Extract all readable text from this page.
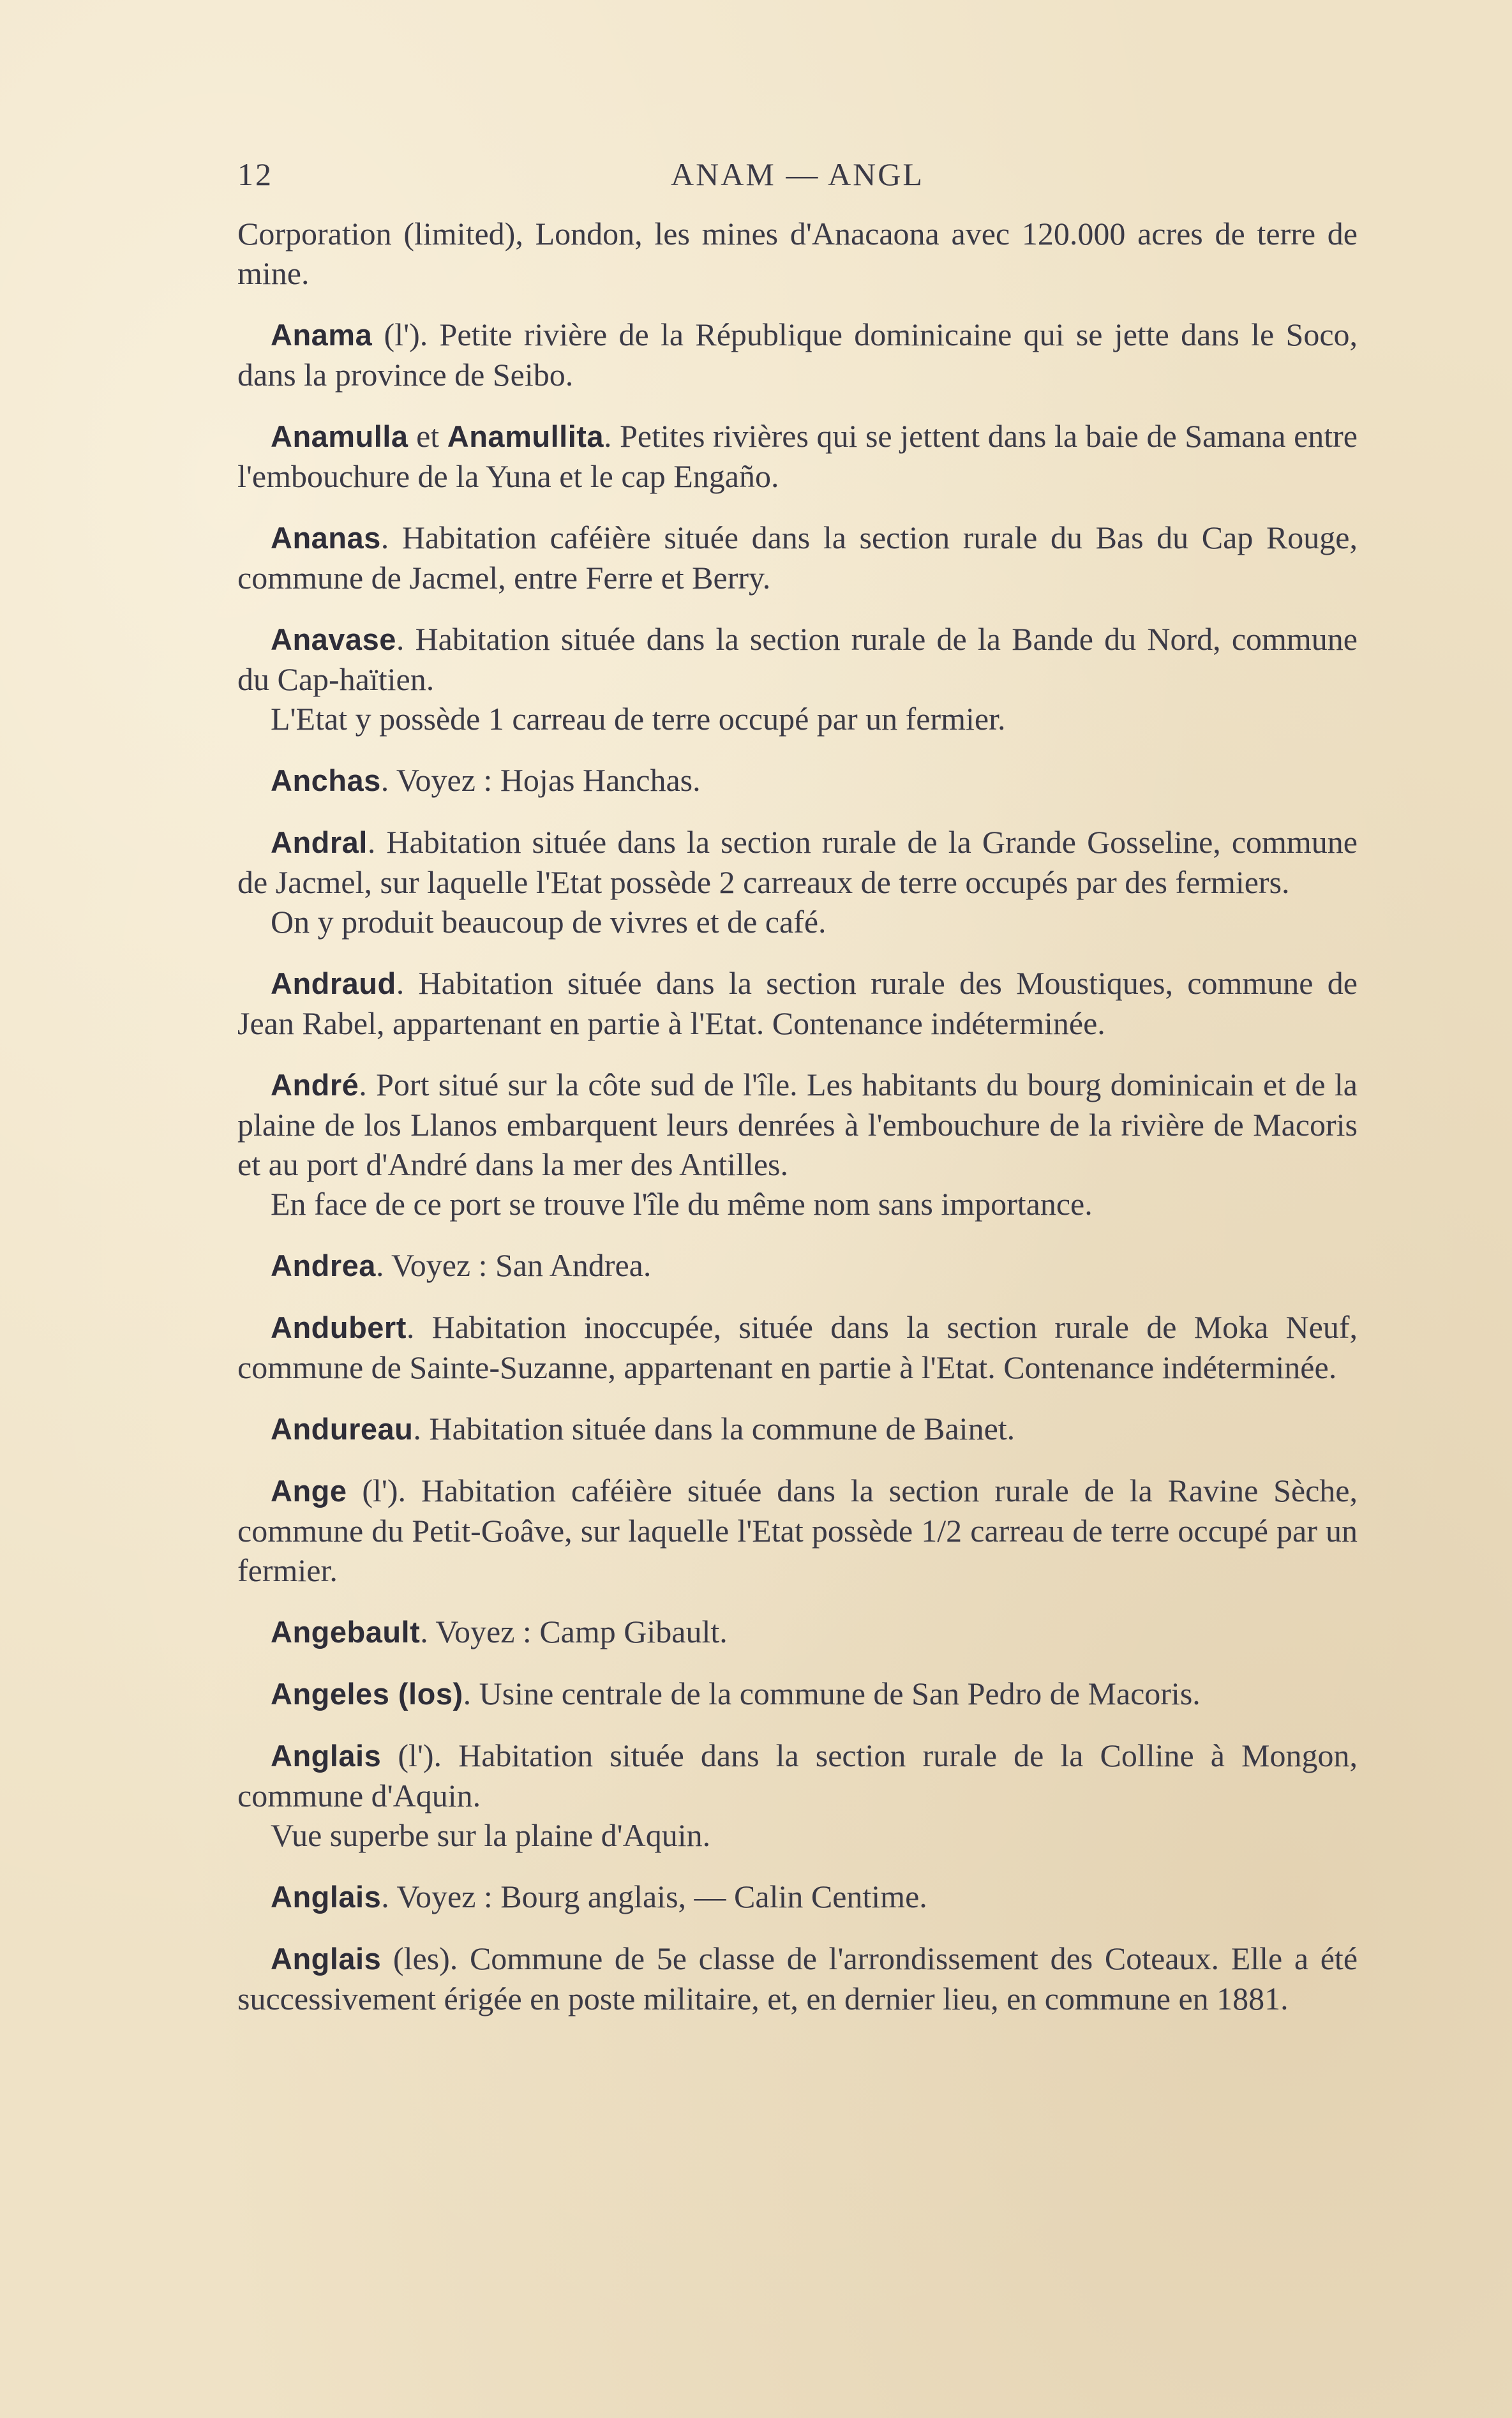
12	ANAM — ANGL
Corporation (limited), London, les mines d'Anacaona avec 120.000 acres de terre de mine.
Anama (l'). Petite rivière de la République dominicaine qui se jette dans le Soco, dans la province de Seibo.
Anamulla et Anamullita. Petites rivières qui se jettent dans la baie de Samana entre l'embouchure de la Yuna et le cap Engaño.
Ananas. Habitation caféière située dans la section rurale du Bas du Cap Rouge, commune de Jacmel, entre Ferre et Berry.

Anavase. Habitation située dans la section rurale de la Bande du Nord, commune du Cap-haïtien.

L'Etat y possède 1 carreau de terre occupé par un fermier.

Anchas. Voyez : Hojas Hanchas.

Andral. Habitation située dans la section rurale de la Grande Gosseline, commune de Jacmel, sur laquelle l'Etat possède 2 carreaux de terre occupés par des fermiers.

On y produit beaucoup de vivres et de café.

Andraud. Habitation située dans la section rurale des Moustiques, commune de Jean Rabel, appartenant en partie à l'Etat. Contenance indéterminée.

André. Port situé sur la côte sud de l'île. Les habitants du bourg dominicain et de la plaine de los Llanos embarquent leurs denrées à l'embouchure de la rivière de Macoris et au port d'André dans la mer des Antilles.

En face de ce port se trouve l'île du même nom sans importance.

Andrea. Voyez : San Andrea.
Andubert. Habitation inoccupée, située dans la section rurale de Moka Neuf, commune de Sainte-Suzanne, appartenant en partie à l'Etat. Contenance indéterminée.
Andureau. Habitation située dans la commune de Bainet.
Ange (l'). Habitation caféière située dans la section rurale de la Ravine Sèche, commune du Petit-Goâve, sur laquelle l'Etat possède 1/2 carreau de terre occupé par un fermier.
Angebault. Voyez : Camp Gibault.
Angeles (los). Usine centrale de la commune de San Pedro de Macoris.

Anglais (l'). Habitation située dans la section rurale de la Colline à Mongon, commune d'Aquin.

Vue superbe sur la plaine d'Aquin.

Anglais. Voyez : Bourg anglais, — Calin Centime.
Anglais (les). Commune de 5e classe de l'arrondissement des Coteaux. Elle a été successivement érigée en poste militaire, et, en dernier lieu, en commune en 1881.
